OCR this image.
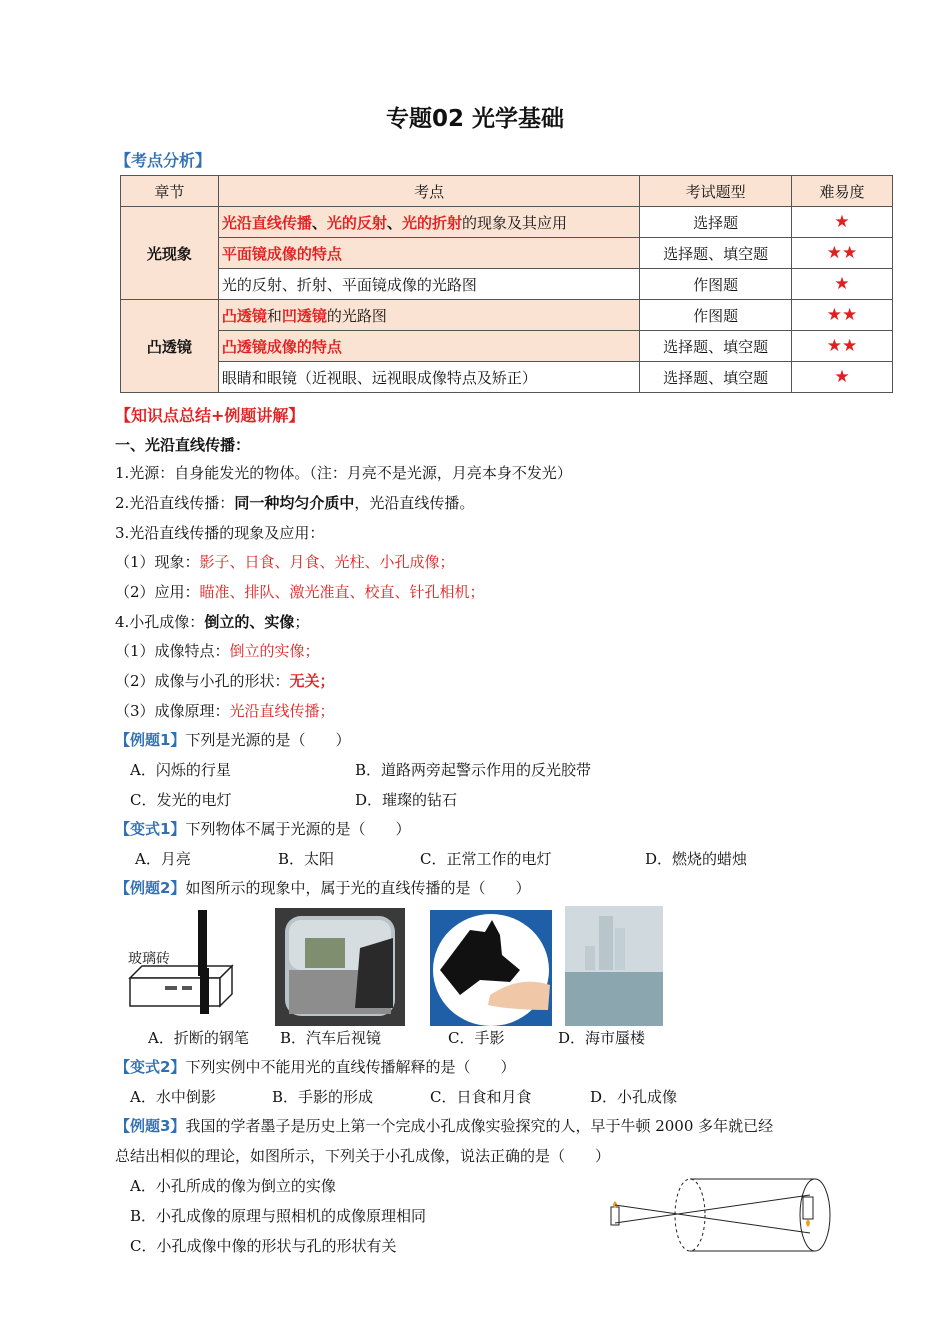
专题02 光学基础
【考点分析】
章节	考点	考试题型	难易度
光现象	光沿直线传播、光的反射、光的折射的现象及其应用	选择题	★
	平面镜成像的特点	选择题、填空题	★★
	光的反射、折射、平面镜成像的光路图	作图题	★
凸透镜	凸透镜和凹透镜的光路图	作图题	★★
	凸透镜成像的特点	选择题、填空题	★★
	眼睛和眼镜（近视眼、远视眼成像特点及矫正）	选择题、填空题	★
【知识点总结+例题讲解】
一、光沿直线传播：
1.光源：自身能发光的物体。（注：月亮不是光源，月亮本身不发光）
2.光沿直线传播：同一种均匀介质中，光沿直线传播。
3.光沿直线传播的现象及应用：
（1）现象：影子、日食、月食、光柱、小孔成像；
（2）应用：瞄准、排队、激光准直、校直、针孔相机；
4.小孔成像：倒立的、实像；
（1）成像特点：倒立的实像；
（2）成像与小孔的形状：无关；
（3）成像原理：光沿直线传播；
【例题1】下列是光源的是（　　）
A．闪烁的行星	B．道路两旁起警示作用的反光胶带
C．发光的电灯	D．璀璨的钻石
【变式1】下列物体不属于光源的是（　　）
A．月亮	B．太阳	C．正常工作的电灯	D．燃烧的蜡烛
【例题2】如图所示的现象中，属于光的直线传播的是（　　）
玻璃砖
A．折断的钢笔 B．汽车后视镜	C．手影	D．海市蜃楼
【变式2】下列实例中不能用光的直线传播解释的是（　　）
A．水中倒影	B．手影的形成	C．日食和月食	D．小孔成像
【例题3】我国的学者墨子是历史上第一个完成小孔成像实验探究的人，早于牛顿 2000 多年就已经
总结出相似的理论，如图所示，下列关于小孔成像，说法正确的是（　　）
A．小孔所成的像为倒立的实像
B．小孔成像的原理与照相机的成像原理相同
C．小孔成像中像的形状与孔的形状有关
